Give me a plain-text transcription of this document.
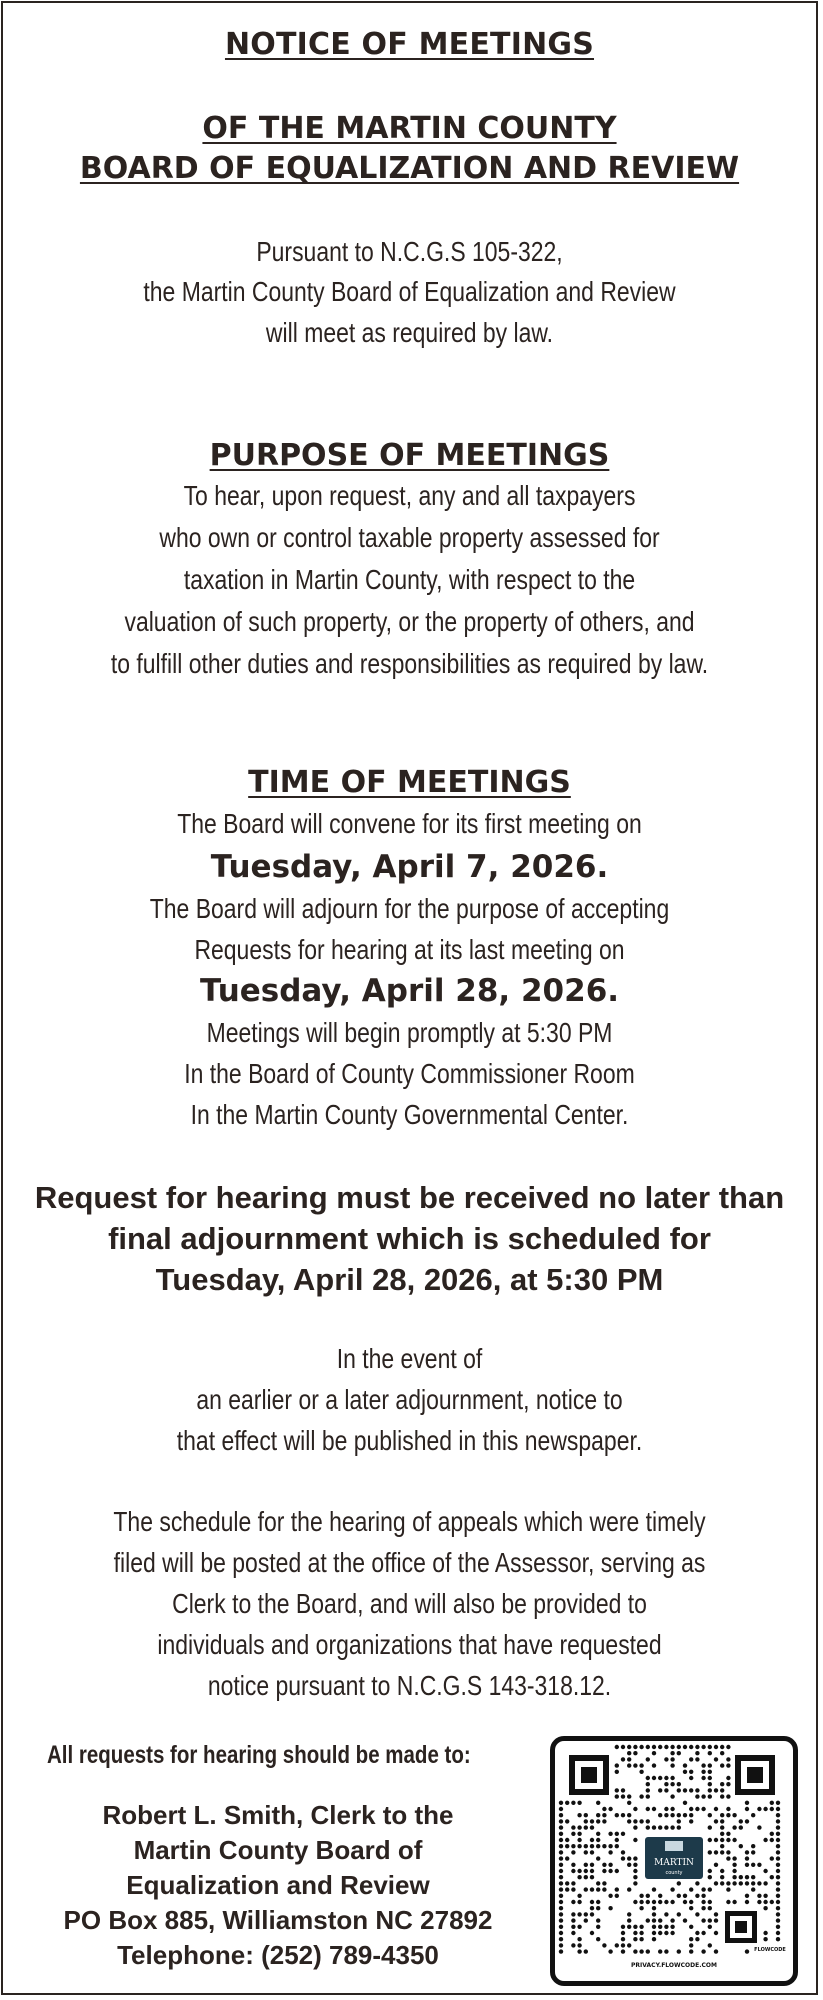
NOTICE OF MEETINGS
OF THE MARTIN COUNTY
BOARD OF EQUALIZATION AND REVIEW
Pursuant to N.C.G.S 105-322,
the Martin County Board of Equalization and Review
will meet as required by law.
PURPOSE OF MEETINGS
To hear, upon request, any and all taxpayers
who own or control taxable property assessed for
taxation in Martin County, with respect to the
valuation of such property, or the property of others, and
to fulfill other duties and responsibilities as required by law.
TIME OF MEETINGS
The Board will convene for its first meeting on
Tuesday, April 7, 2026.
The Board will adjourn for the purpose of accepting
Requests for hearing at its last meeting on
Tuesday, April 28, 2026.
Meetings will begin promptly at 5:30 PM
In the Board of County Commissioner Room
In the Martin County Governmental Center.
Request for hearing must be received no later than
final adjournment which is scheduled for
Tuesday, April 28, 2026, at 5:30 PM
In the event of
an earlier or a later adjournment, notice to
that effect will be published in this newspaper.
The schedule for the hearing of appeals which were timely
filed will be posted at the office of the Assessor, serving as
Clerk to the Board, and will also be provided to
individuals and organizations that have requested
notice pursuant to N.C.G.S 143-318.12.
All requests for hearing should be made to:
Robert L. Smith, Clerk to the
Martin County Board of
Equalization and Review
PO Box 885, Williamston NC 27892
Telephone: (252) 789-4350
MARTIN
county
FLOWCODE
PRIVACY.FLOWCODE.COM
